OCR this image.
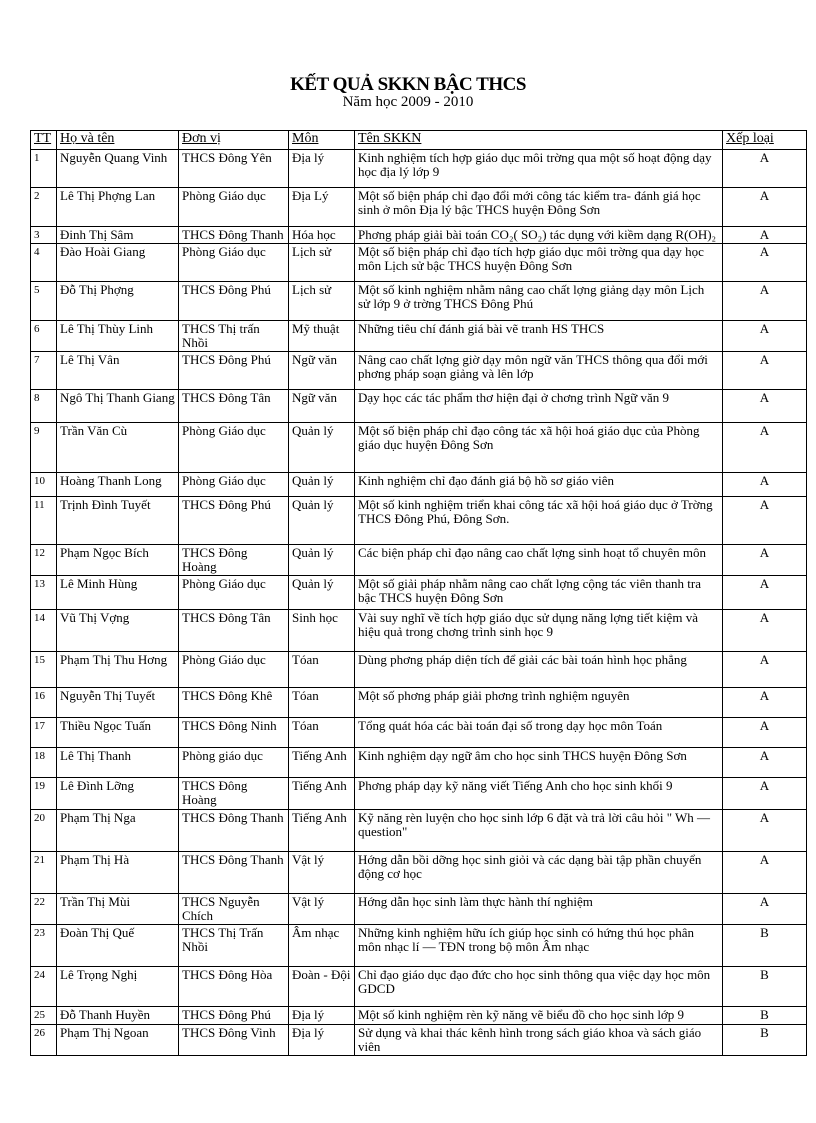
KẾT QUẢ SKKN BẬC THCS
Năm học 2009 - 2010
TT	Họ và tên	Đơn vị	Môn	Tên SKKN	Xếp loại
1	Nguyễn Quang Vinh	THCS Đông Yên	Địa lý	Kinh nghiệm tích hợp giáo dục môi trờng qua một số hoạt động dạy học địa lý lớp 9	A
2	Lê Thị Phợng Lan	Phòng Giáo dục	Địa Lý	Một số biện pháp chỉ đạo đổi mới công tác kiểm tra- đánh giá học sinh ở môn Địa lý bậc THCS huyện Đông Sơn	A
3	Đinh Thị Sâm	THCS Đông Thanh	Hóa học	Phơng pháp giải bài toán CO₂( SO₂) tác dụng với kiềm dạng R(OH)₂	A
4	Đào Hoài Giang	Phòng Giáo dục	Lịch sử	Một số biện pháp chỉ đạo tích hợp giáo dục môi trờng qua dạy học môn Lịch sử bậc THCS huyện Đông Sơn	A
5	Đỗ Thị Phợng	THCS Đông Phú	Lịch sử	Một số kinh nghiệm nhằm nâng cao chất lợng giảng dạy môn Lịch sử lớp 9 ở trờng THCS Đông Phú	A
6	Lê Thị Thùy Linh	THCS Thị trấn Nhồi	Mỹ thuật	Những tiêu chí đánh giá bài vẽ tranh HS THCS	A
7	Lê Thị Vân	THCS Đông Phú	Ngữ văn	Nâng cao chất lợng giờ dạy môn ngữ văn THCS thông qua đổi mới phơng pháp soạn giảng và lên lớp	A
8	Ngô Thị Thanh Giang	THCS Đông Tân	Ngữ văn	Dạy học các tác phẩm thơ hiện đại ở chơng trình Ngữ văn 9	A
9	Trần Văn Cù	Phòng Giáo dục	Quản lý	Một số biện pháp chỉ đạo công tác xã hội hoá giáo dục của Phòng giáo dục huyện Đông Sơn	A
10	Hoàng Thanh Long	Phòng Giáo dục	Quản lý	Kinh nghiệm chỉ đạo đánh giá bộ hồ sơ giáo viên	A
11	Trịnh Đình Tuyết	THCS Đông Phú	Quản lý	Một số kinh nghiệm triển khai công tác xã hội hoá giáo dục ở Trờng THCS Đông Phú, Đông Sơn.	A
12	Phạm Ngọc Bích	THCS Đông Hoàng	Quản lý	Các biện pháp chỉ đạo nâng cao chất lợng sinh hoạt tổ chuyên môn	A
13	Lê Minh Hùng	Phòng Giáo dục	Quản lý	Một số giải pháp nhằm nâng cao chất lợng cộng tác viên thanh tra bậc THCS huyện Đông Sơn	A
14	Vũ Thị Vợng	THCS Đông Tân	Sinh học	Vài suy nghĩ về tích hợp giáo dục sử dụng năng lợng tiết kiệm và hiệu quả trong chơng trình sinh học 9	A
15	Phạm Thị Thu Hơng	Phòng Giáo dục	Tóan	Dùng phơng pháp diện tích để giải các bài toán hình học phẳng	A
16	Nguyễn Thị Tuyết	THCS Đông Khê	Tóan	Một số phơng pháp giải phơng trình nghiệm nguyên	A
17	Thiều Ngọc Tuấn	THCS Đông Ninh	Tóan	Tổng quát hóa các bài toán đại số trong dạy học môn Toán	A
18	Lê Thị Thanh	Phòng giáo dục	Tiếng Anh	Kinh nghiệm dạy ngữ âm cho học sinh THCS huyện Đông Sơn	A
19	Lê Đình Lỡng	THCS Đông Hoàng	Tiếng Anh	Phơng pháp dạy kỹ năng viết Tiếng Anh cho học sinh khối 9	A
20	Phạm Thị Nga	THCS Đông Thanh	Tiếng Anh	Kỹ năng rèn luyện cho học sinh lớp 6 đặt và trả lời câu hỏi " Wh — question"	A
21	Phạm Thị Hà	THCS Đông Thanh	Vật lý	Hớng dẫn bồi dỡng học sinh giỏi và các dạng bài tập phần chuyển động cơ học	A
22	Trần Thị Mùi	THCS Nguyễn Chích	Vật lý	Hớng dẫn học sinh làm thực hành thí nghiệm	A
23	Đoàn Thị Quế	THCS Thị Trấn Nhồi	Âm nhạc	Những kinh nghiệm hữu ích giúp học sinh có hứng thú học phân môn nhạc lí — TĐN trong bộ môn Âm nhạc	B
24	Lê Trọng Nghị	THCS Đông Hòa	Đoàn - Đội	Chỉ đạo giáo dục đạo đức cho học sinh thông qua việc dạy học môn GDCD	B
25	Đỗ Thanh Huyền	THCS Đông Phú	Địa lý	Một số kinh nghiệm rèn kỹ năng vẽ biểu đồ cho học sinh lớp 9	B
26	Phạm Thị Ngoan	THCS Đông Vinh	Địa lý	Sử dụng và khai thác kênh hình trong sách giáo khoa và sách giáo viên	B
